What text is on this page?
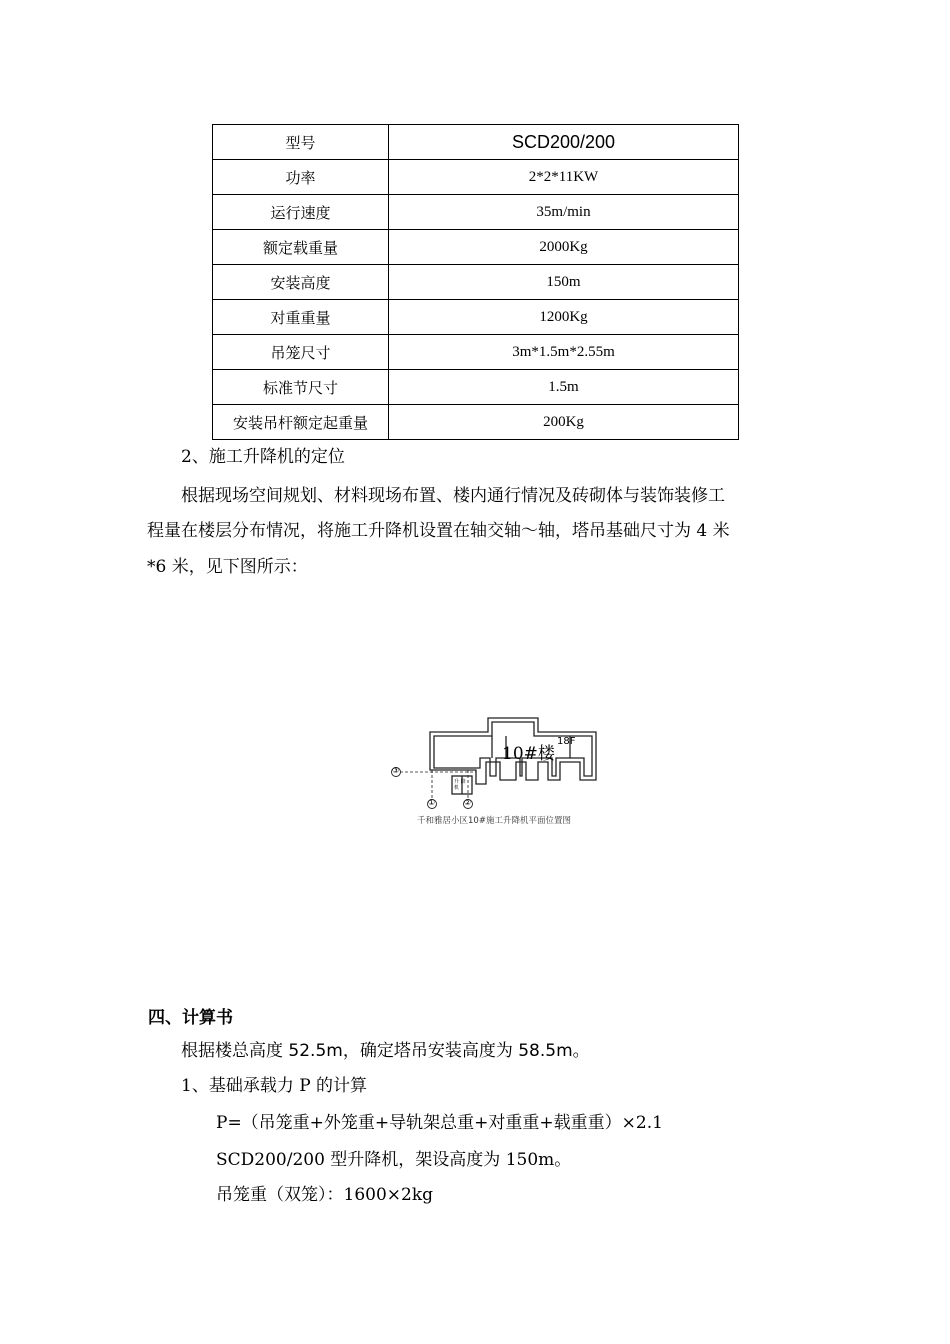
型号	SCD200/200
功率	2*2*11KW
运行速度	35m/min
额定载重量	2000Kg
安装高度	150m
对重重量	1200Kg
吊笼尺寸	3m*1.5m*2.55m
标准节尺寸	1.5m
安装吊杆额定起重量	200Kg
2、施工升降机的定位
根据现场空间规划、材料现场布置、楼内通行情况及砖砌体与装饰装修工
程量在楼层分布情况，将施工升降机设置在轴交轴～轴，塔吊基础尺寸为 4 米
*6 米，见下图所示：
10#楼
18F
③
①	②
升 降 机
千和雅居小区10#施工升降机平面位置图
四、计算书
根据楼总高度 52.5m，确定塔吊安装高度为 58.5m。
1、基础承载力 P 的计算
P=（吊笼重+外笼重+导轨架总重+对重重+载重重）×2.1
SCD200/200 型升降机，架设高度为 150m。
吊笼重（双笼）：1600×2kg
